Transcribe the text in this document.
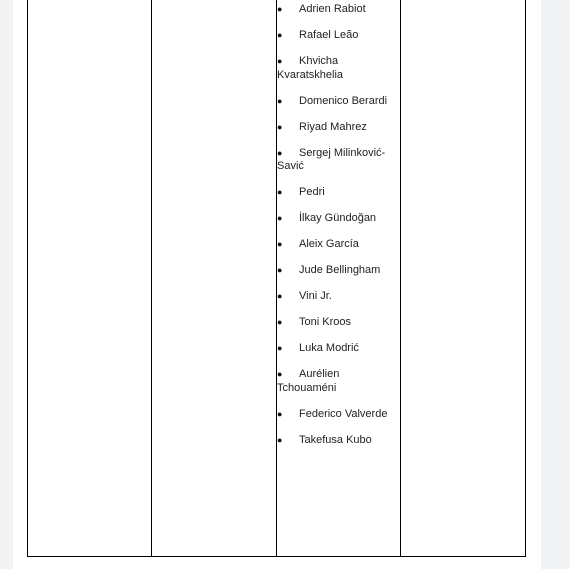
● Adrien Rabiot
● Rafael Leão
● Khvicha Kvaratskhelia
● Domenico Berardi
● Riyad Mahrez
● Sergej Milinković-Savić
● Pedri
● İlkay Gündoğan
● Aleix García
● Jude Bellingham
● Vini Jr.
● Toni Kroos
● Luka Modrić
● Aurélien Tchouaméni
● Federico Valverde
● Takefusa Kubo
